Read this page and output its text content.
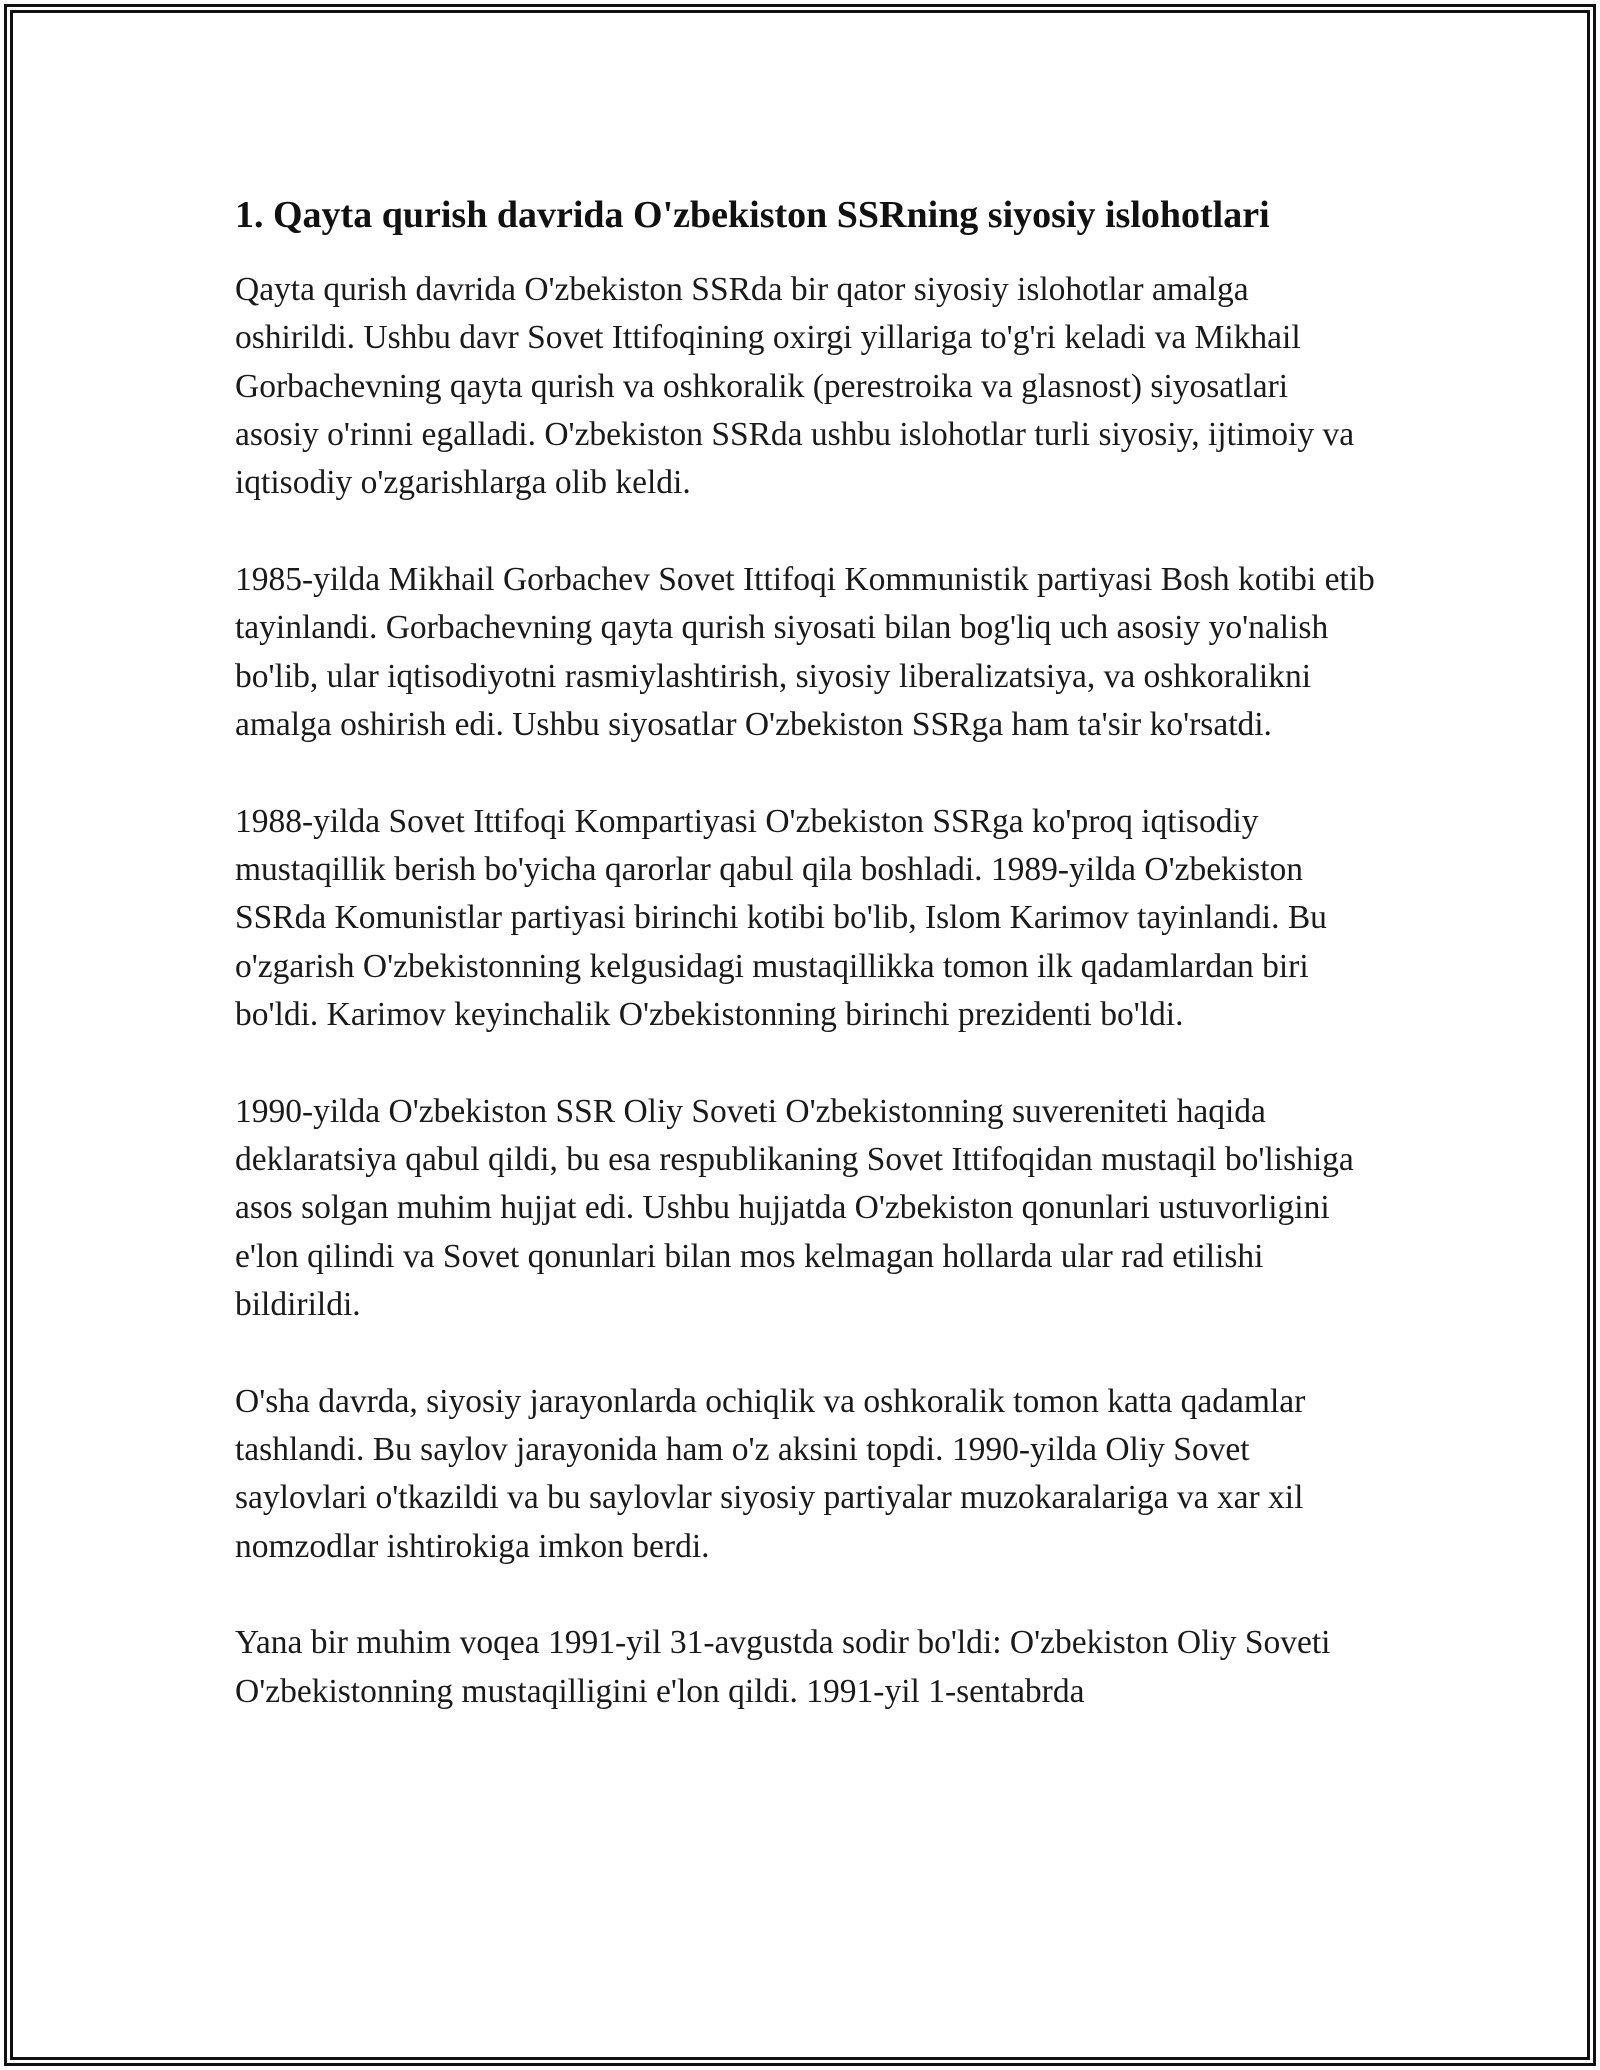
1. Qayta qurish davrida O'zbekiston SSRning siyosiy islohotlari

Qayta qurish davrida O'zbekiston SSRda bir qator siyosiy islohotlar amalga oshirildi. Ushbu davr Sovet Ittifoqining oxirgi yillariga to'g'ri keladi va Mikhail Gorbachevning qayta qurish va oshkoralik (perestroika va glasnost) siyosatlari asosiy o'rinni egalladi. O'zbekiston SSRda ushbu islohotlar turli siyosiy, ijtimoiy va iqtisodiy o'zgarishlarga olib keldi.

1985-yilda Mikhail Gorbachev Sovet Ittifoqi Kommunistik partiyasi Bosh kotibi etib tayinlandi. Gorbachevning qayta qurish siyosati bilan bog'liq uch asosiy yo'nalish bo'lib, ular iqtisodiyotni rasmiylashtirish, siyosiy liberalizatsiya, va oshkoralikni amalga oshirish edi. Ushbu siyosatlar O'zbekiston SSRga ham ta'sir ko'rsatdi.

1988-yilda Sovet Ittifoqi Kompartiyasi O'zbekiston SSRga ko'proq iqtisodiy mustaqillik berish bo'yicha qarorlar qabul qila boshladi. 1989-yilda O'zbekiston SSRda Komunistlar partiyasi birinchi kotibi bo'lib, Islom Karimov tayinlandi. Bu o'zgarish O'zbekistonning kelgusidagi mustaqillikka tomon ilk qadamlardan biri bo'ldi. Karimov keyinchalik O'zbekistonning birinchi prezidenti bo'ldi.

1990-yilda O'zbekiston SSR Oliy Soveti O'zbekistonning suvereniteti haqida deklaratsiya qabul qildi, bu esa respublikaning Sovet Ittifoqidan mustaqil bo'lishiga asos solgan muhim hujjat edi. Ushbu hujjatda O'zbekiston qonunlari ustuvorligini e'lon qilindi va Sovet qonunlari bilan mos kelmagan hollarda ular rad etilishi bildirildi.

O'sha davrda, siyosiy jarayonlarda ochiqlik va oshkoralik tomon katta qadamlar tashlandi. Bu saylov jarayonida ham o'z aksini topdi. 1990-yilda Oliy Sovet saylovlari o'tkazildi va bu saylovlar siyosiy partiyalar muzokaralariga va xar xil nomzodlar ishtirokiga imkon berdi.

Yana bir muhim voqea 1991-yil 31-avgustda sodir bo'ldi: O'zbekiston Oliy Soveti O'zbekistonning mustaqilligini e'lon qildi. 1991-yil 1-sentabrda
